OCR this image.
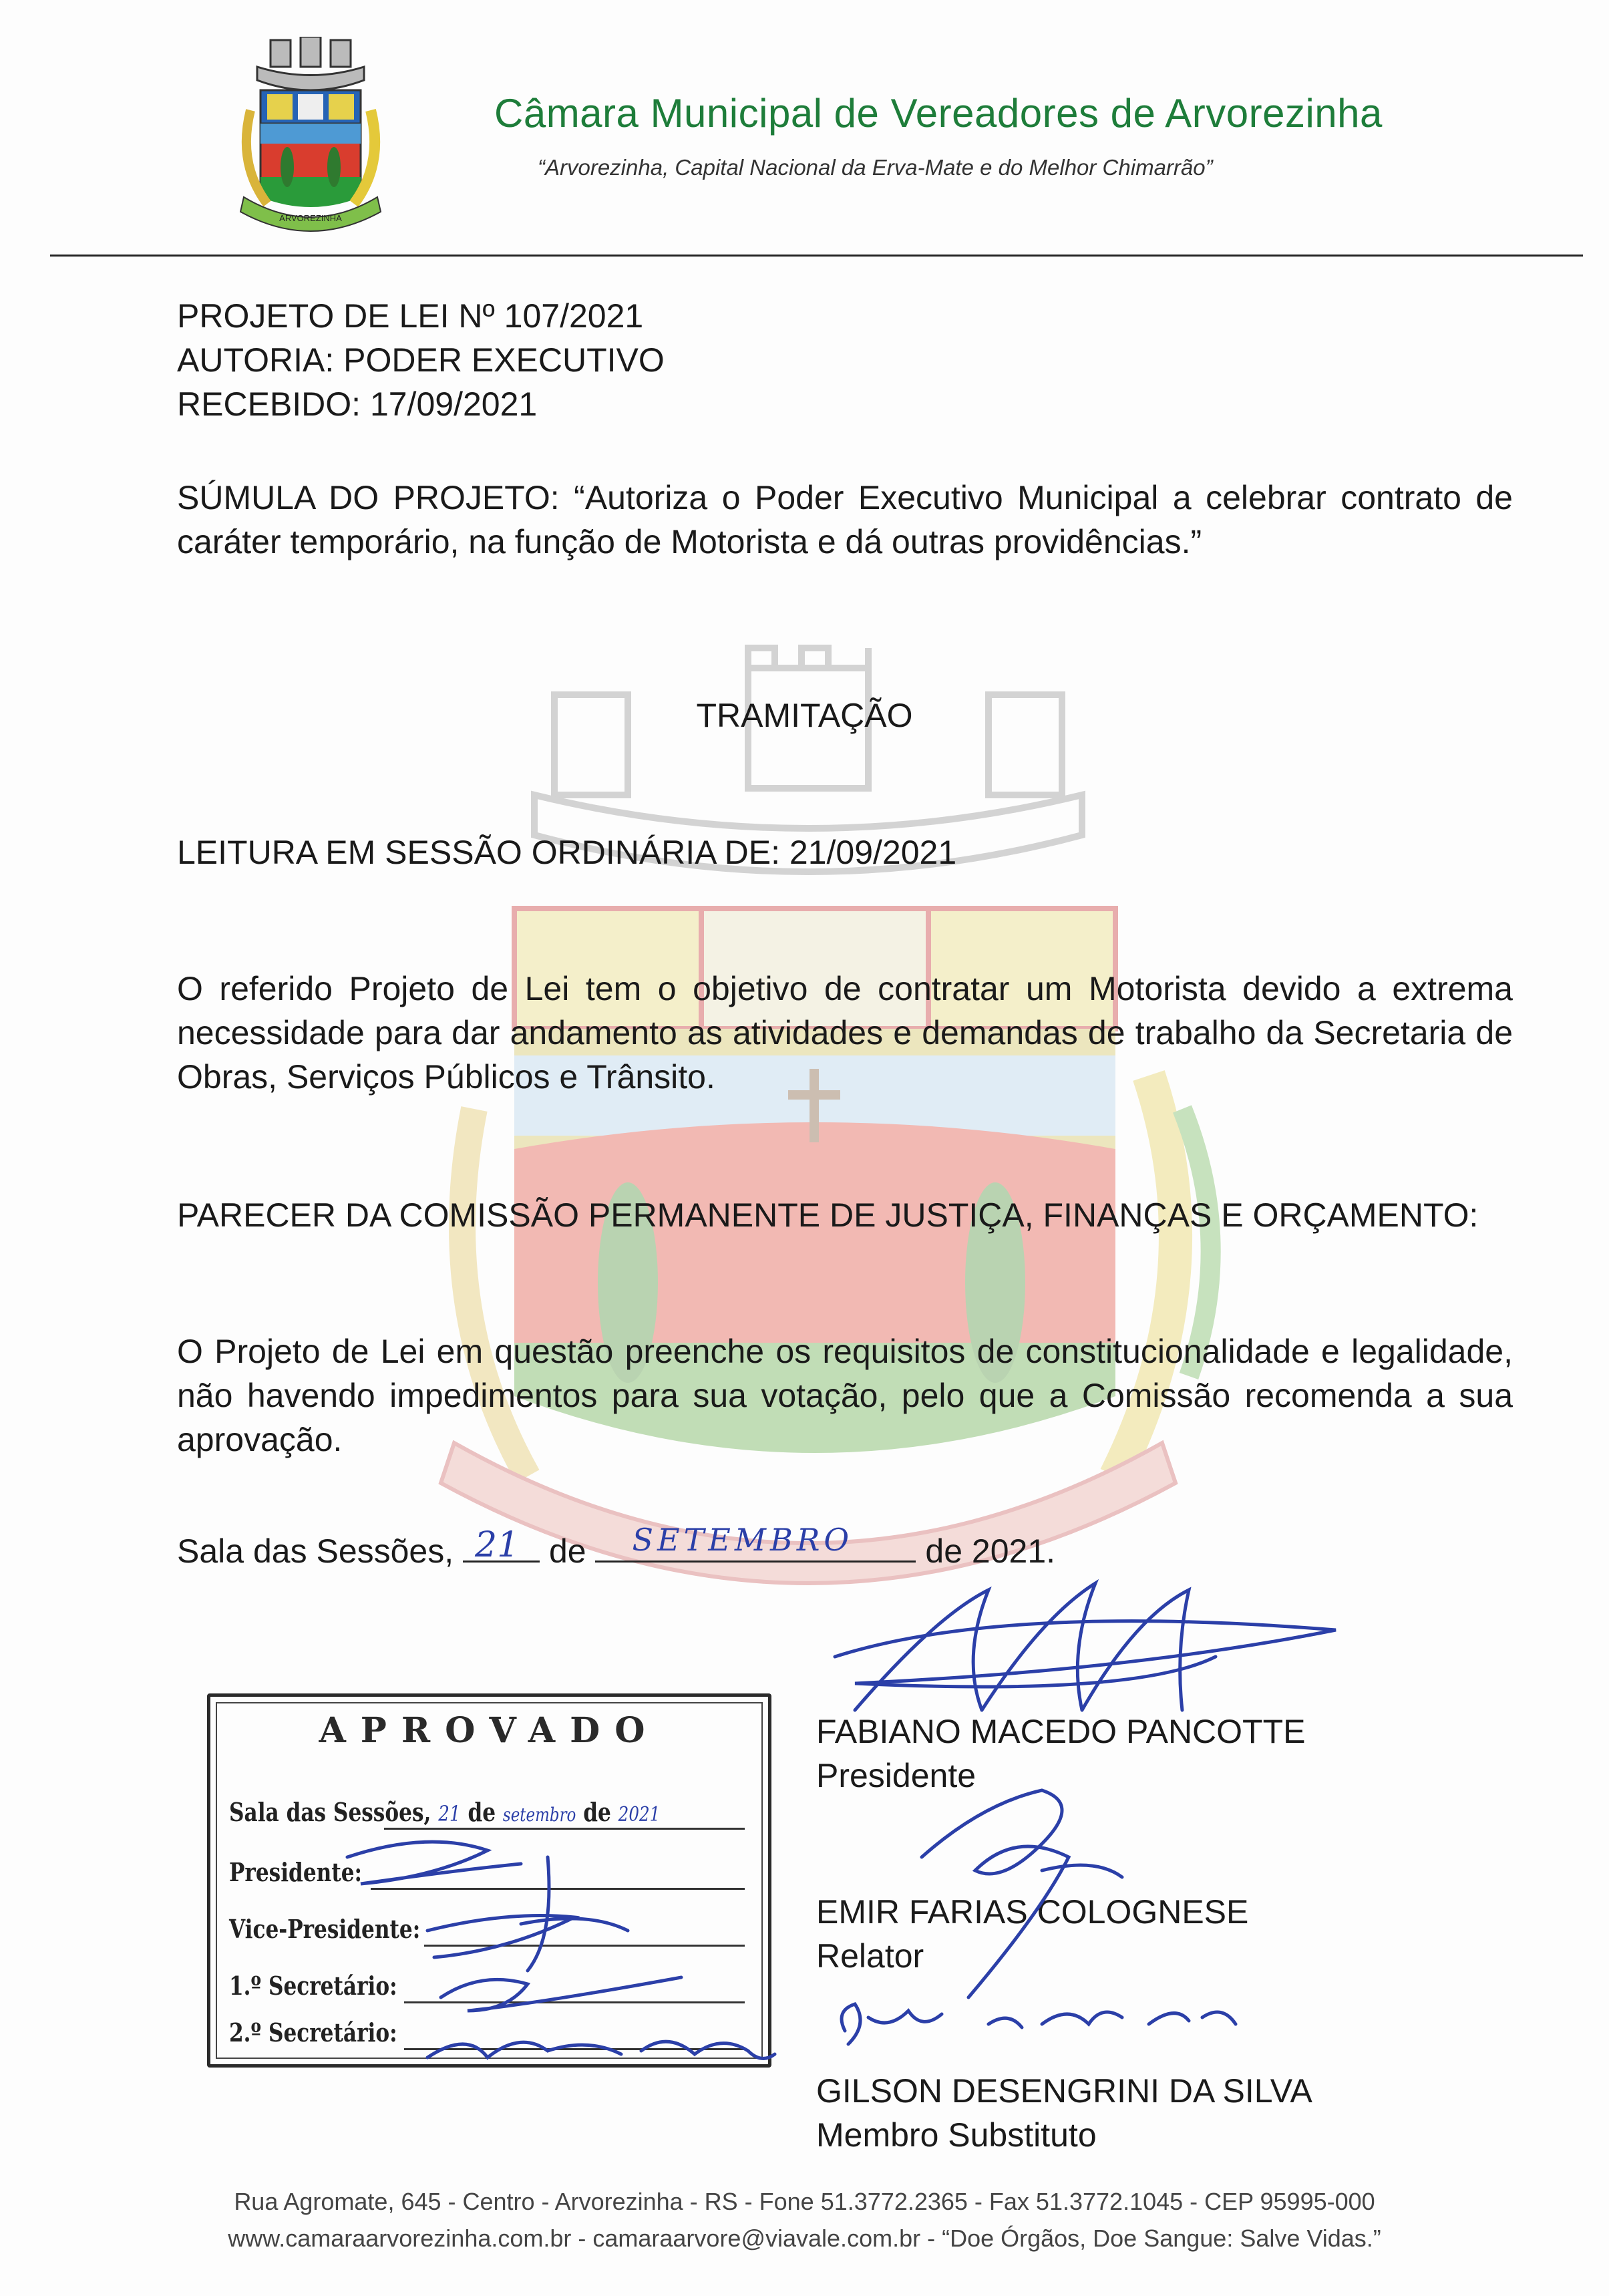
ARVOREZINHA
Câmara Municipal de Vereadores de Arvorezinha
“Arvorezinha, Capital Nacional da Erva-Mate e do Melhor Chimarrão”
PROJETO DE LEI Nº 107/2021
AUTORIA: PODER EXECUTIVO
RECEBIDO: 17/09/2021
SÚMULA DO PROJETO: “Autoriza o Poder Executivo Municipal a celebrar contrato de caráter temporário, na função de Motorista e dá outras providências.”
TRAMITAÇÃO
LEITURA EM SESSÃO ORDINÁRIA DE: 21/09/2021
O referido Projeto de Lei tem o objetivo de contratar um Motorista devido a extrema necessidade para dar andamento as atividades e demandas de trabalho da Secretaria de Obras, Serviços Públicos e Trânsito.
PARECER DA COMISSÃO PERMANENTE DE JUSTIÇA, FINANÇAS E ORÇAMENTO:
O Projeto de Lei em questão preenche os requisitos de constitucionalidade e legalidade, não havendo impedimentos para sua votação, pelo que a Comissão recomenda a sua aprovação.
Sala das Sessões, 21 de SETEMBRO de 2021.
APROVADO
Sala das Sessões, 21 de setembro de 2021
Presidente:
Vice-Presidente:
1.º Secretário:
2.º Secretário:
FABIANO MACEDO PANCOTTE
Presidente
EMIR FARIAS COLOGNESE
Relator
GILSON DESENGRINI DA SILVA
Membro Substituto
Rua Agromate, 645 - Centro - Arvorezinha - RS - Fone 51.3772.2365 - Fax 51.3772.1045 - CEP 95995-000
www.camaraarvorezinha.com.br - camaraarvore@viavale.com.br - “Doe Órgãos, Doe Sangue: Salve Vidas.”
